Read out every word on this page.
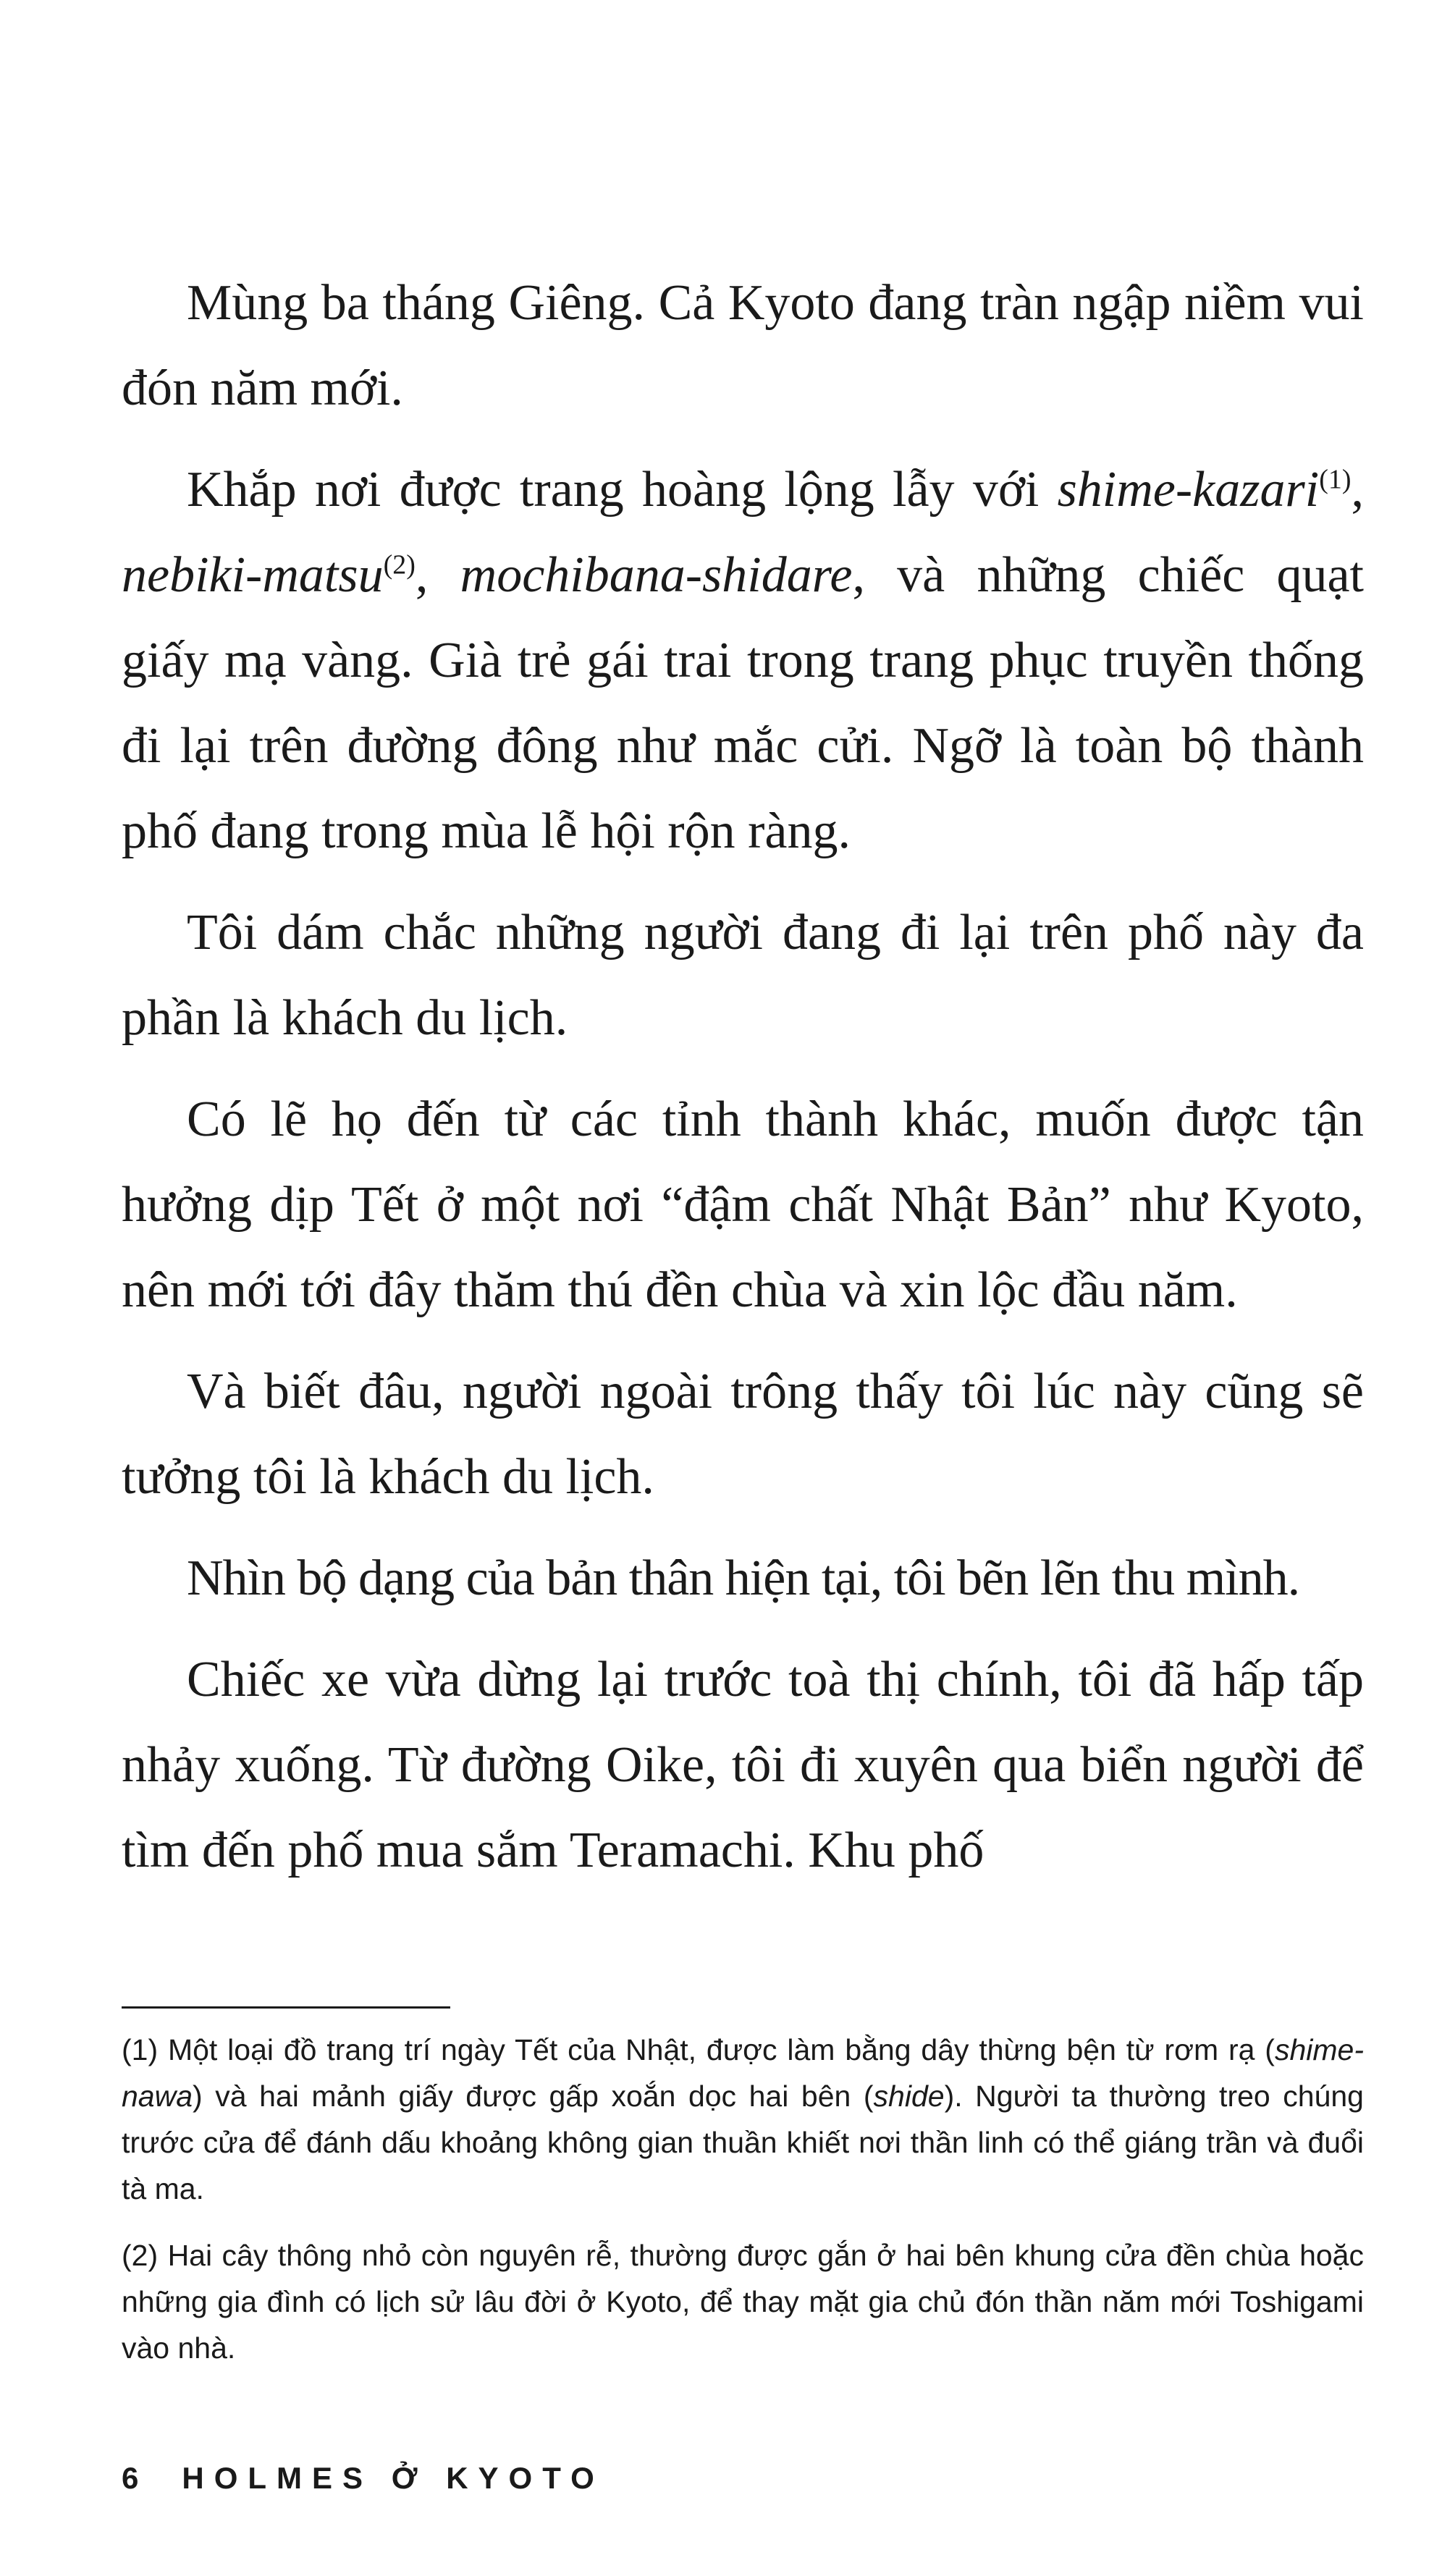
Mùng ba tháng Giêng. Cả Kyoto đang tràn ngập niềm vui đón năm mới.

Khắp nơi được trang hoàng lộng lẫy với shime-kazari$^{(1)}$, nebiki-matsu$^{(2)}$, mochibana-shidare, và những chiếc quạt giấy mạ vàng. Già trẻ gái trai trong trang phục truyền thống đi lại trên đường đông như mắc cửi. Ngỡ là toàn bộ thành phố đang trong mùa lễ hội rộn ràng.

Tôi dám chắc những người đang đi lại trên phố này đa phần là khách du lịch.

Có lẽ họ đến từ các tỉnh thành khác, muốn được tận hưởng dịp Tết ở một nơi “đậm chất Nhật Bản” như Kyoto, nên mới tới đây thăm thú đền chùa và xin lộc đầu năm.

Và biết đâu, người ngoài trông thấy tôi lúc này cũng sẽ tưởng tôi là khách du lịch.

Nhìn bộ dạng của bản thân hiện tại, tôi bẽn lẽn thu mình.

Chiếc xe vừa dừng lại trước toà thị chính, tôi đã hấp tấp nhảy xuống. Từ đường Oike, tôi đi xuyên qua biển người để tìm đến phố mua sắm Teramachi. Khu phố

(1) Một loại đồ trang trí ngày Tết của Nhật, được làm bằng dây thừng bện từ rơm rạ (shime-nawa) và hai mảnh giấy được gấp xoắn dọc hai bên (shide). Người ta thường treo chúng trước cửa để đánh dấu khoảng không gian thuần khiết nơi thần linh có thể giáng trần và đuổi tà ma.

(2) Hai cây thông nhỏ còn nguyên rễ, thường được gắn ở hai bên khung cửa đền chùa hoặc những gia đình có lịch sử lâu đời ở Kyoto, để thay mặt gia chủ đón thần năm mới Toshigami vào nhà.

6 HOLMES Ở KYOTO
